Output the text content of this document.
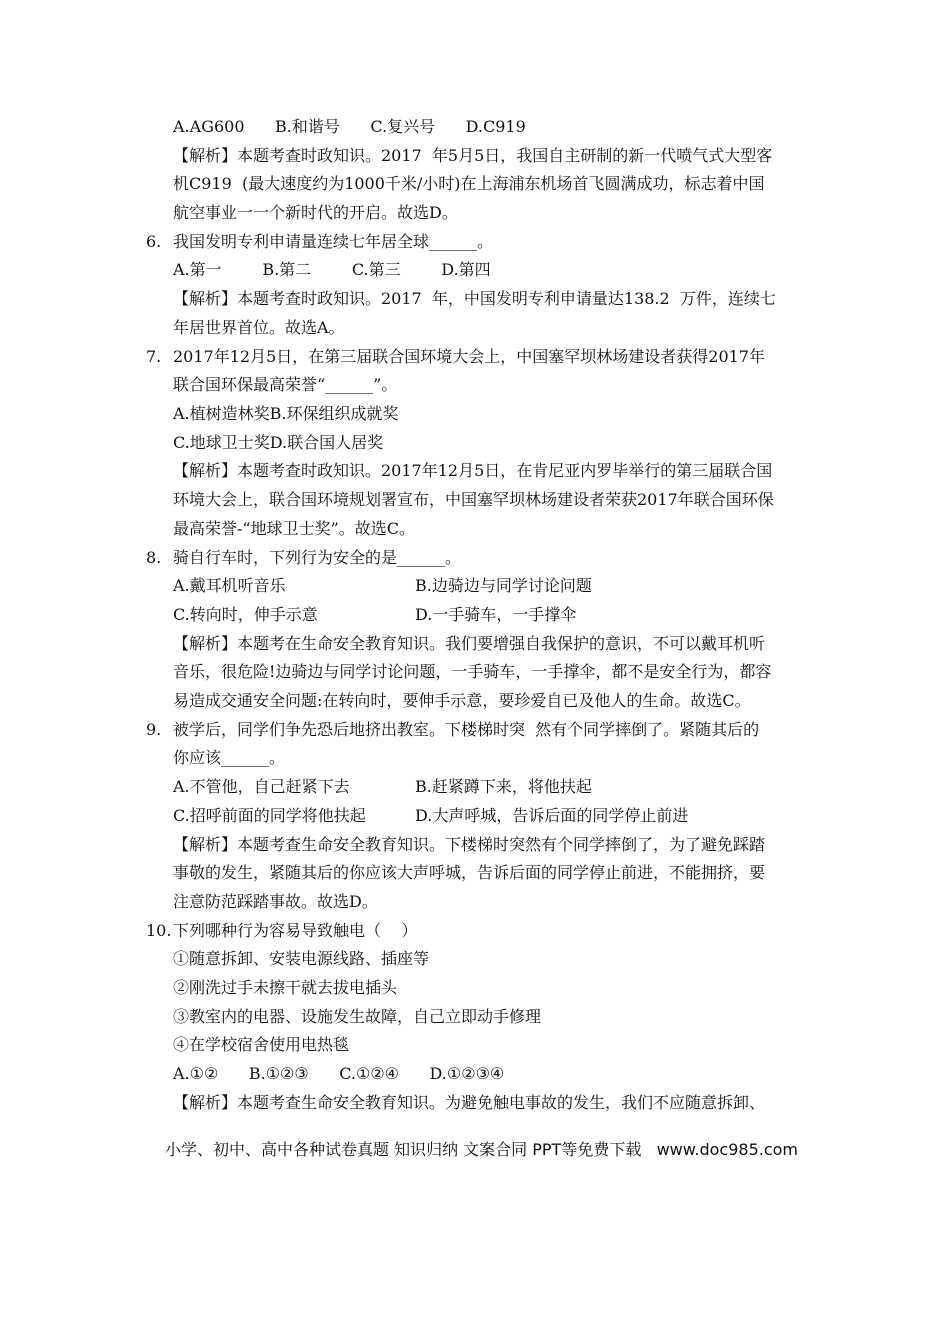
A.AG600      B.和谐号      C.复兴号      D.C919
【解析】本题考查时政知识。2017  年5月5日，我国自主研制的新一代喷气式大型客
机C919  (最大速度约为1000千米/小时)在上海浦东机场首飞圆满成功，标志着中国
航空事业一一个新时代的开启。故选D。
6. 我国发明专利申请量连续七年居全球______。
A.第一        B.第二        C.第三        D.第四
【解析】本题考查时政知识。2017  年，中国发明专利申请量达138.2  万件，连续七
年居世界首位。故选A。
7. 2017年12月5日，在第三届联合国环境大会上，中国塞罕坝林场建设者获得2017年
联合国环保最高荣誉“______”。
A.植树造林奖B.环保组织成就奖
C.地球卫士奖D.联合国人居奖
【解析】本题考查时政知识。2017年12月5日，在肯尼亚内罗毕举行的第三届联合国
环境大会上，联合国环境规划署宣布，中国塞罕坝林场建设者荣获2017年联合国环保
最高荣誉-“地球卫士奖”。故选C。
8. 骑自行车时，下列行为安全的是______。
A.戴耳机听音乐	B.边骑边与同学讨论问题
C.转向时，伸手示意	D.一手骑车，一手撑伞
【解析】本题考在生命安全教育知识。我们要增强自我保护的意识，不可以戴耳机听
音乐，很危险!边骑边与同学讨论问题，一手骑车，一手撑伞，都不是安全行为，都容
易造成交通安全问题:在转向时，要伸手示意，要珍爱自已及他人的生命。故选C。
9. 被学后，同学们争先恐后地挤出教室。下楼梯时突  然有个同学摔倒了。紧随其后的
你应该______。
A.不管他，自己赶紧下去	B.赶紧蹲下来，将他扶起
C.招呼前面的同学将他扶起	D.大声呼城，告诉后面的同学停止前进
【解析】本题考查生命安全教育知识。下楼梯时突然有个同学摔倒了，为了避免踩踏
事敬的发生，紧随其后的你应该大声呼城，告诉后面的同学停止前进，不能拥挤，要
注意防范踩踏事故。故选D。
10. 下列哪种行为容易导致触电（    ）
①随意拆卸、安装电源线路、插座等
②刚洗过手未擦干就去拔电插头
③教室内的电器、设施发生故障，自己立即动手修理
④在学校宿舍使用电热毯
A.①②      B.①②③      C.①②④      D.①②③④
【解析】本题考查生命安全教育知识。为避免触电事故的发生，我们不应随意拆卸、
小学、初中、高中各种试卷真题 知识归纳 文案合同 PPT等免费下载   www.doc985.com
